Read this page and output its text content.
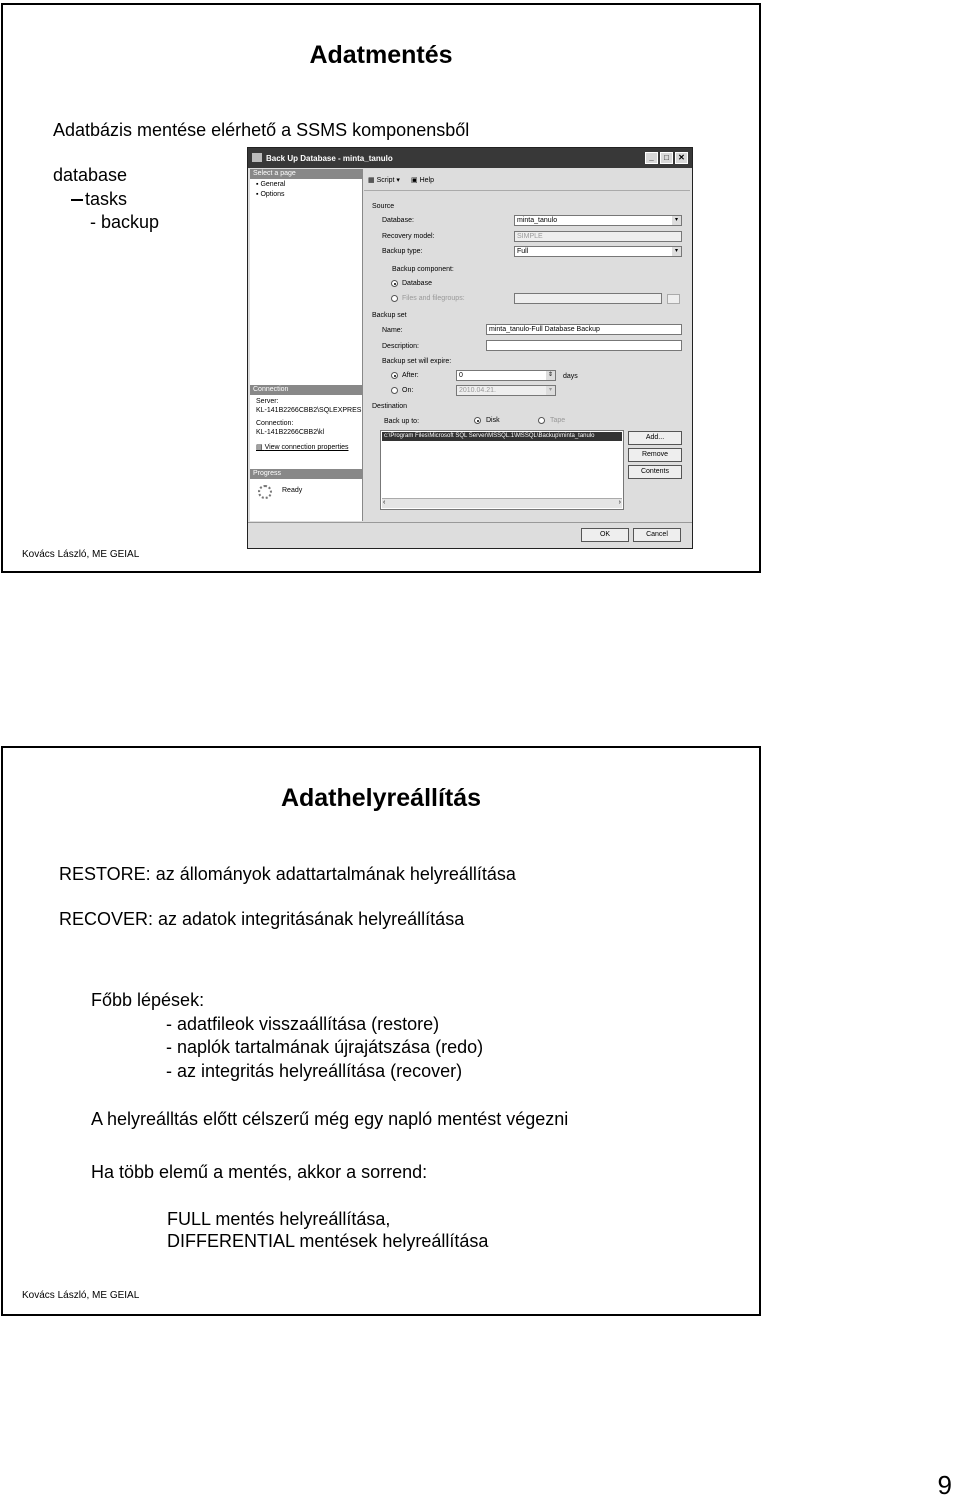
Adatmentés
Adatbázis mentése elérhető a SSMS komponensből
database
tasks
- backup
Kovács László, ME GEIAL
Back Up Database - minta_tanulo	_	□	✕
Select a page
▪ General
▪ Options
Connection
Server:
KL-141B2266CBB2\SQLEXPRES
Connection:
KL-141B2266CBB2\kl
▤ View connection properties
Progress
Ready
▦ Script ▾ ▣ Help
Source
Database:	minta_tanulo	▾
Recovery model:	SIMPLE
Backup type:	Full	▾
Backup component:
Database
Files and filegroups:
Backup set
Name:	minta_tanulo-Full Database Backup
Description:
Backup set will expire:
After:	0	⇕ days
On:	2010.04.21.	▾
Destination
Back up to:	Disk	Tape
c:\Program Files\Microsoft SQL Server\MSSQL.1\MSSQL\Backup\minta_tanulo
‹	›
Add...
Remove
Contents
OK	Cancel
Adathelyreállítás
RESTORE: az állományok adattartalmának helyreállítása
RECOVER: az adatok integritásának helyreállítása
Főbb lépések:
- adatfileok visszaállítása (restore)
- naplók tartalmának újrajátszása (redo)
- az integritás helyreállítása (recover)
A helyreálltás előtt célszerű még egy napló mentést végezni
Ha több elemű a mentés, akkor a sorrend:
FULL mentés helyreállítása,
DIFFERENTIAL mentések helyreállítása
Kovács László, ME GEIAL
9
